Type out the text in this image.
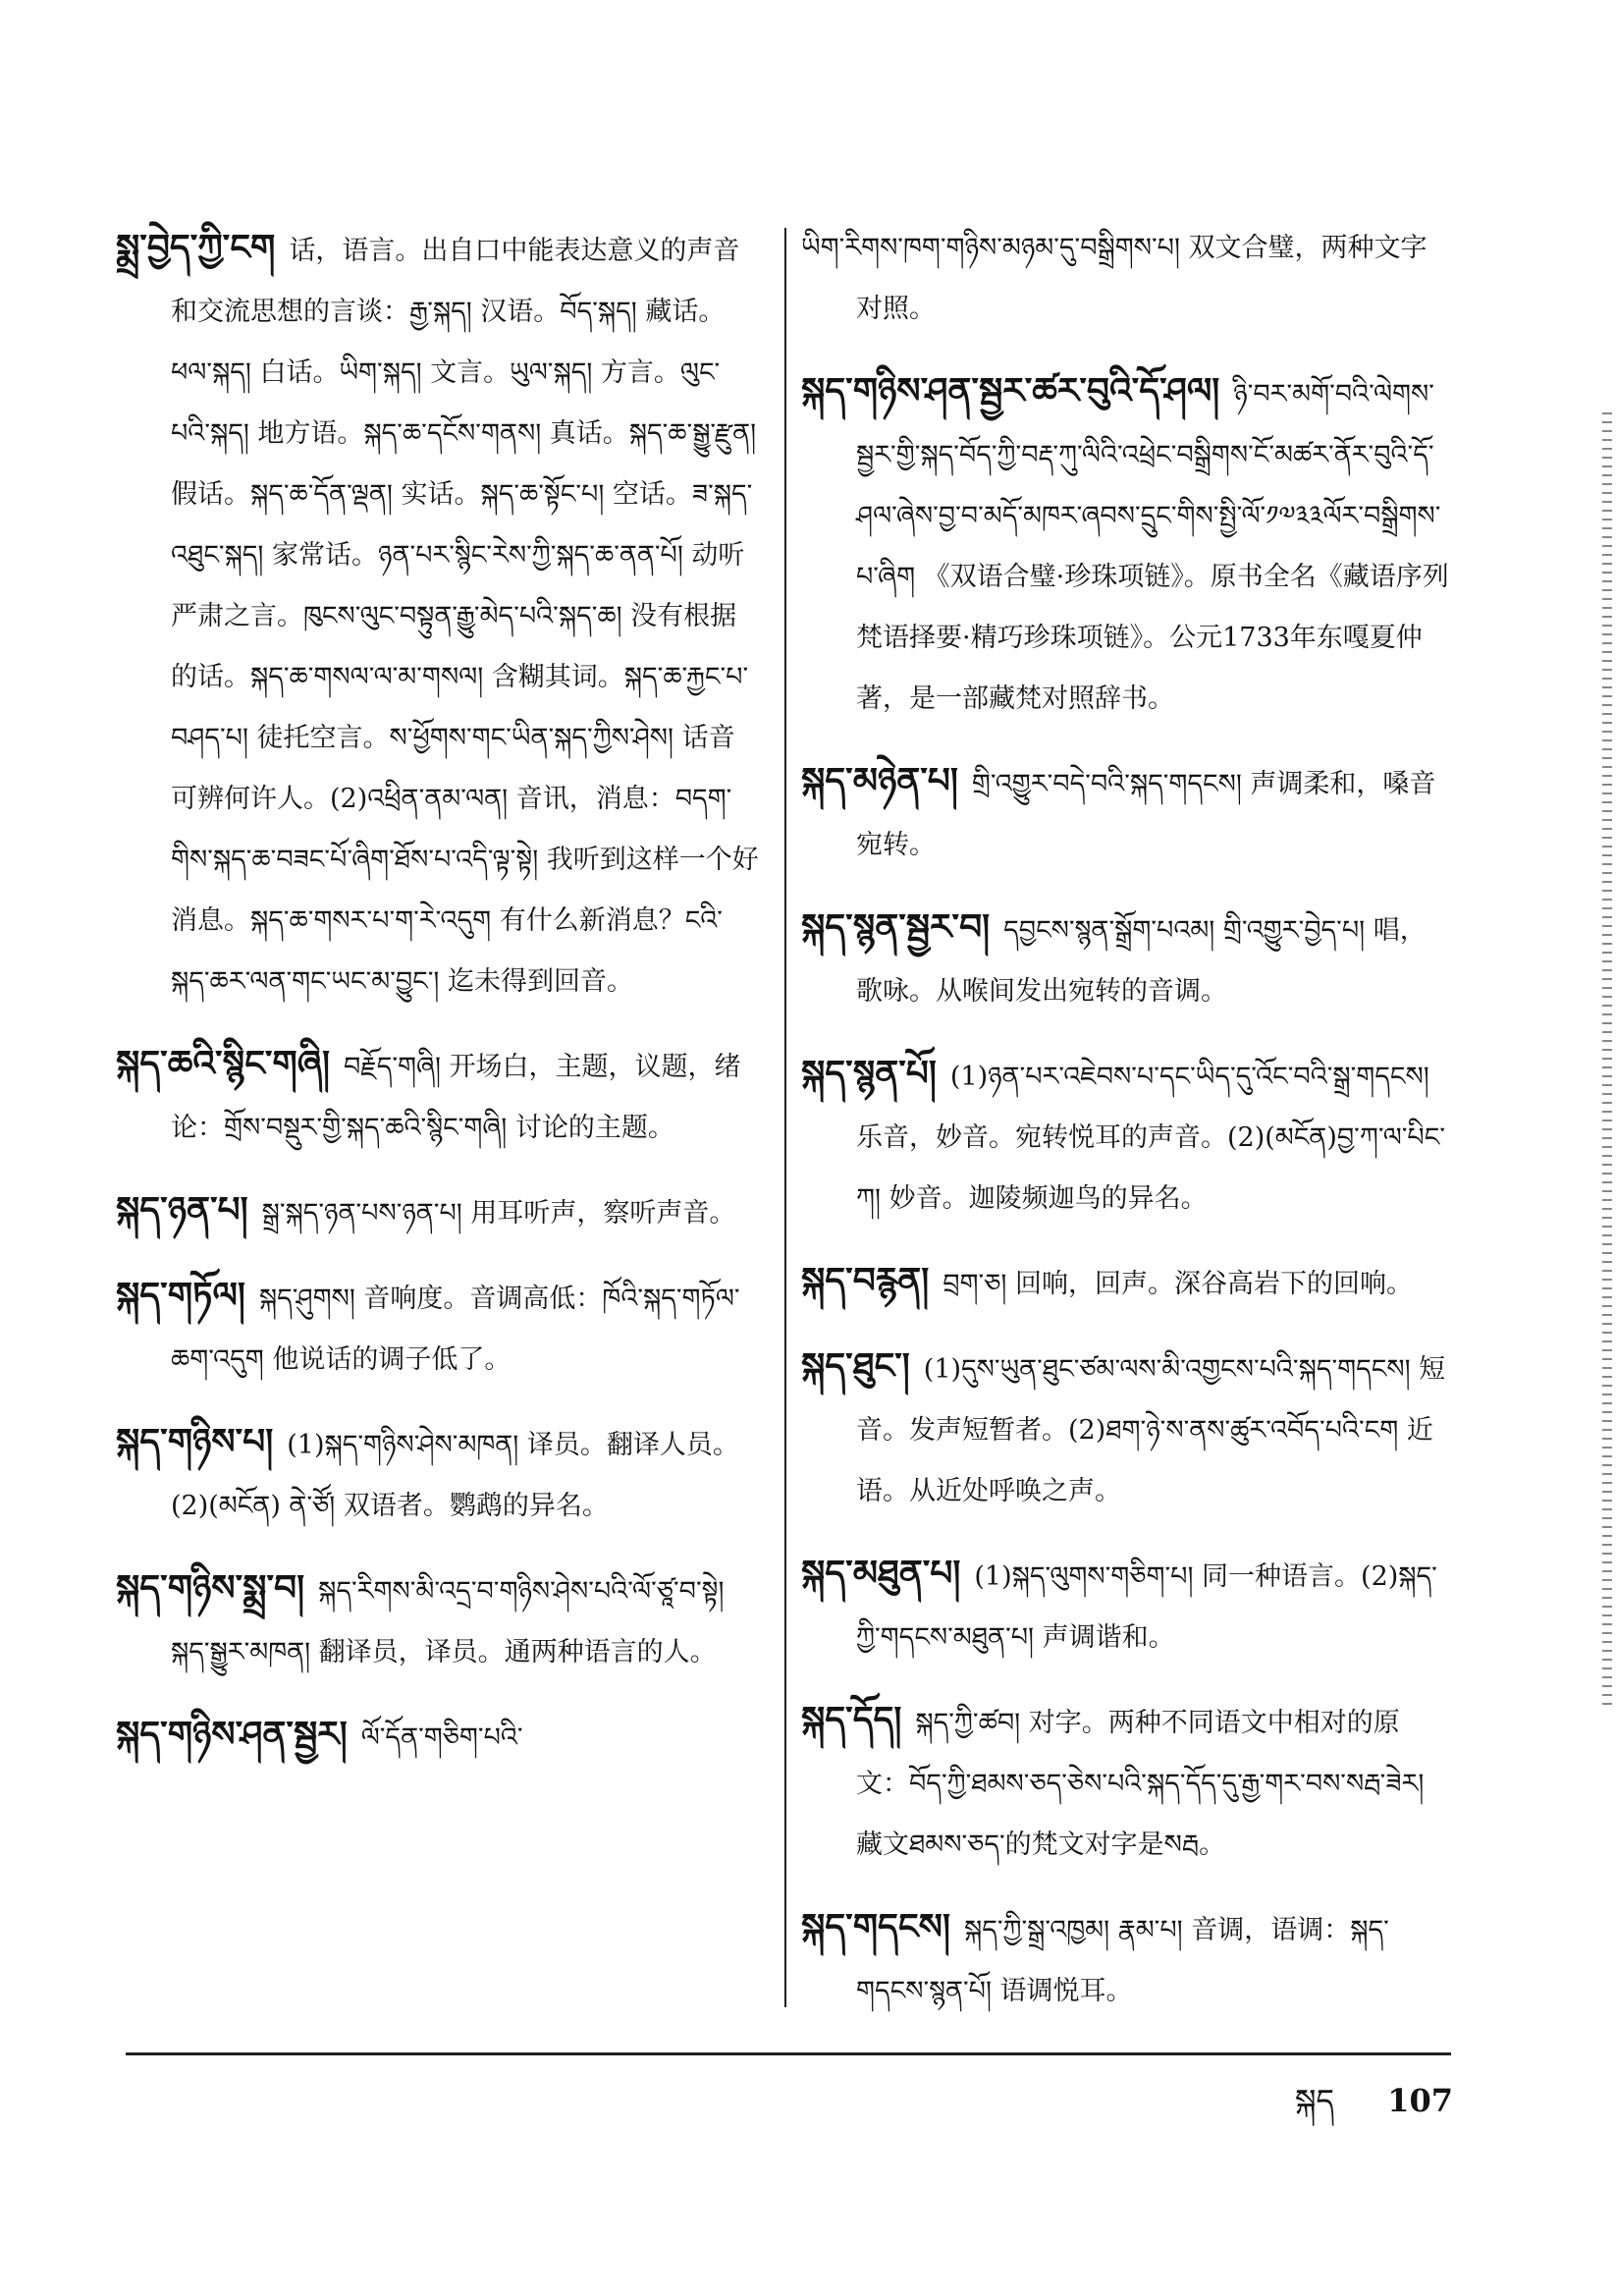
སྨྲ་བྱེད་ཀྱི་ངག 话，语言。出自口中能表达意义的声音和交流思想的言谈：རྒྱ་སྐད། 汉语。བོད་སྐད། 藏话。ཕལ་སྐད། 白话。ཡིག་སྐད། 文言。ཡུལ་སྐད། 方言。ལུང་པའི་སྐད། 地方语。སྐད་ཆ་དངོས་གནས། 真话。སྐད་ཆ་སྒྱུ་རྫུན། 假话。སྐད་ཆ་དོན་ལྡན། 实话。སྐད་ཆ་སྟོང་པ། 空话。ཟ་སྐད་འཐུང་སྐད། 家常话。ཉན་པར་སྙིང་རེས་ཀྱི་སྐད་ཆ་ནན་པོ། 动听严肃之言。ཁུངས་ལུང་བསྟུན་རྒྱུ་མེད་པའི་སྐད་ཆ། 没有根据的话。སྐད་ཆ་གསལ་ལ་མ་གསལ། 含糊其词。སྐད་ཆ་རྐྱང་པ་བཤད་པ། 徒托空言。ས་ཕྱོགས་གང་ཡིན་སྐད་ཀྱིས་ཤེས། 话音可辨何许人。(2)འཕྲིན་ནམ་ལན། 音讯，消息：བདག་གིས་སྐད་ཆ་བཟང་པོ་ཞིག་ཐོས་པ་འདི་ལྟ་སྟེ། 我听到这样一个好消息。སྐད་ཆ་གསར་པ་ག་རེ་འདུག 有什么新消息？ངའི་སྐད་ཆར་ལན་གང་ཡང་མ་བྱུང་། 迄未得到回音。

སྐད་ཆའི་སྙིང་གཞི། བརྗོད་གཞི། 开场白，主题，议题，绪论：གྲོས་བསྡུར་གྱི་སྐད་ཆའི་སྙིང་གཞི། 讨论的主题。

སྐད་ཉན་པ། སྒྲ་སྐད་ཉན་པས་ཉན་པ། 用耳听声，察听声音。

སྐད་གཏོལ། སྐད་ཤུགས། 音响度。音调高低：ཁོའི་སྐད་གཏོལ་ཆག་འདུག 他说话的调子低了。

སྐད་གཉིས་པ། (1)སྐད་གཉིས་ཤེས་མཁན། 译员。翻译人员。(2)(མངོན) ནེ་ཙོ། 双语者。鹦鹉的异名。

སྐད་གཉིས་སྨྲ་བ། སྐད་རིགས་མི་འདྲ་བ་གཉིས་ཤེས་པའི་ལོ་ཙཱ་བ་སྟེ། སྐད་སྒྱུར་མཁན། 翻译员，译员。通两种语言的人。

སྐད་གཉིས་ཤན་སྦྱར། ལོ་དོན་གཅིག་པའི་

ཡིག་རིགས་ཁག་གཉིས་མཉམ་དུ་བསྒྲིགས་པ། 双文合璧，两种文字对照。

སྐད་གཉིས་ཤན་སྦྱར་ཚར་བུའི་དོ་ཤལ། ཉི་བར་མགོ་བའི་ལེགས་སྦྱར་གྱི་སྐད་བོད་ཀྱི་བརྡ་ཀུ་ལིའི་འཕྲེང་བསྒྲིགས་ངོ་མཚར་ནོར་བུའི་དོ་ཤལ་ཞེས་བྱ་བ་མདོ་མཁར་ཞབས་དྲུང་གིས་སྤྱི་ལོ་༡༧༣༣ལོར་བསྒྲིགས་པ་ཞིག 《双语合璧·珍珠项链》。原书全名《藏语序列梵语择要·精巧珍珠项链》。公元1733年东嘎夏仲著，是一部藏梵对照辞书。

སྐད་མཉེན་པ། གྲི་འགྱུར་བདེ་བའི་སྐད་གདངས། 声调柔和，嗓音宛转。

སྐད་སྙན་སྦྱར་བ། དབྱངས་སྙན་སྒྲོག་པའམ། གྲི་འགྱུར་བྱེད་པ། 唱，歌咏。从喉间发出宛转的音调。

སྐད་སྙན་པོ། (1)ཉན་པར་འཇེབས་པ་དང་ཡིད་དུ་འོང་བའི་སྒྲ་གདངས། 乐音，妙音。宛转悦耳的声音。(2)(མངོན)བྱ་ཀ་ལ་པིང་ཀ། 妙音。迦陵频迦鸟的异名。

སྐད་བརྙན། བྲག་ཅ། 回响，回声。深谷高岩下的回响。

སྐད་ཐུང་། (1)དུས་ཡུན་ཐུང་ཙམ་ལས་མི་འགྱངས་པའི་སྐད་གདངས། 短音。发声短暂者。(2)ཐག་ཉེ་ས་ནས་ཚུར་འབོད་པའི་ངག 近语。从近处呼唤之声。

སྐད་མཐུན་པ། (1)སྐད་ལུགས་གཅིག་པ། 同一种语言。(2)སྐད་ཀྱི་གདངས་མཐུན་པ། 声调谐和。

སྐད་དོད། སྐད་ཀྱི་ཚབ། 对字。两种不同语文中相对的原文：བོད་ཀྱི་ཐམས་ཅད་ཅེས་པའི་སྐད་དོད་དུ་རྒྱ་གར་བས་སརྦ་ཟེར། 藏文ཐམས་ཅད་的梵文对字是སརྦ。

སྐད་གདངས། སྐད་ཀྱི་སྒྲ་འཁྱམ། རྣམ་པ། 音调，语调：སྐད་གདངས་སྙན་པོ། 语调悦耳。

སྐད 107
